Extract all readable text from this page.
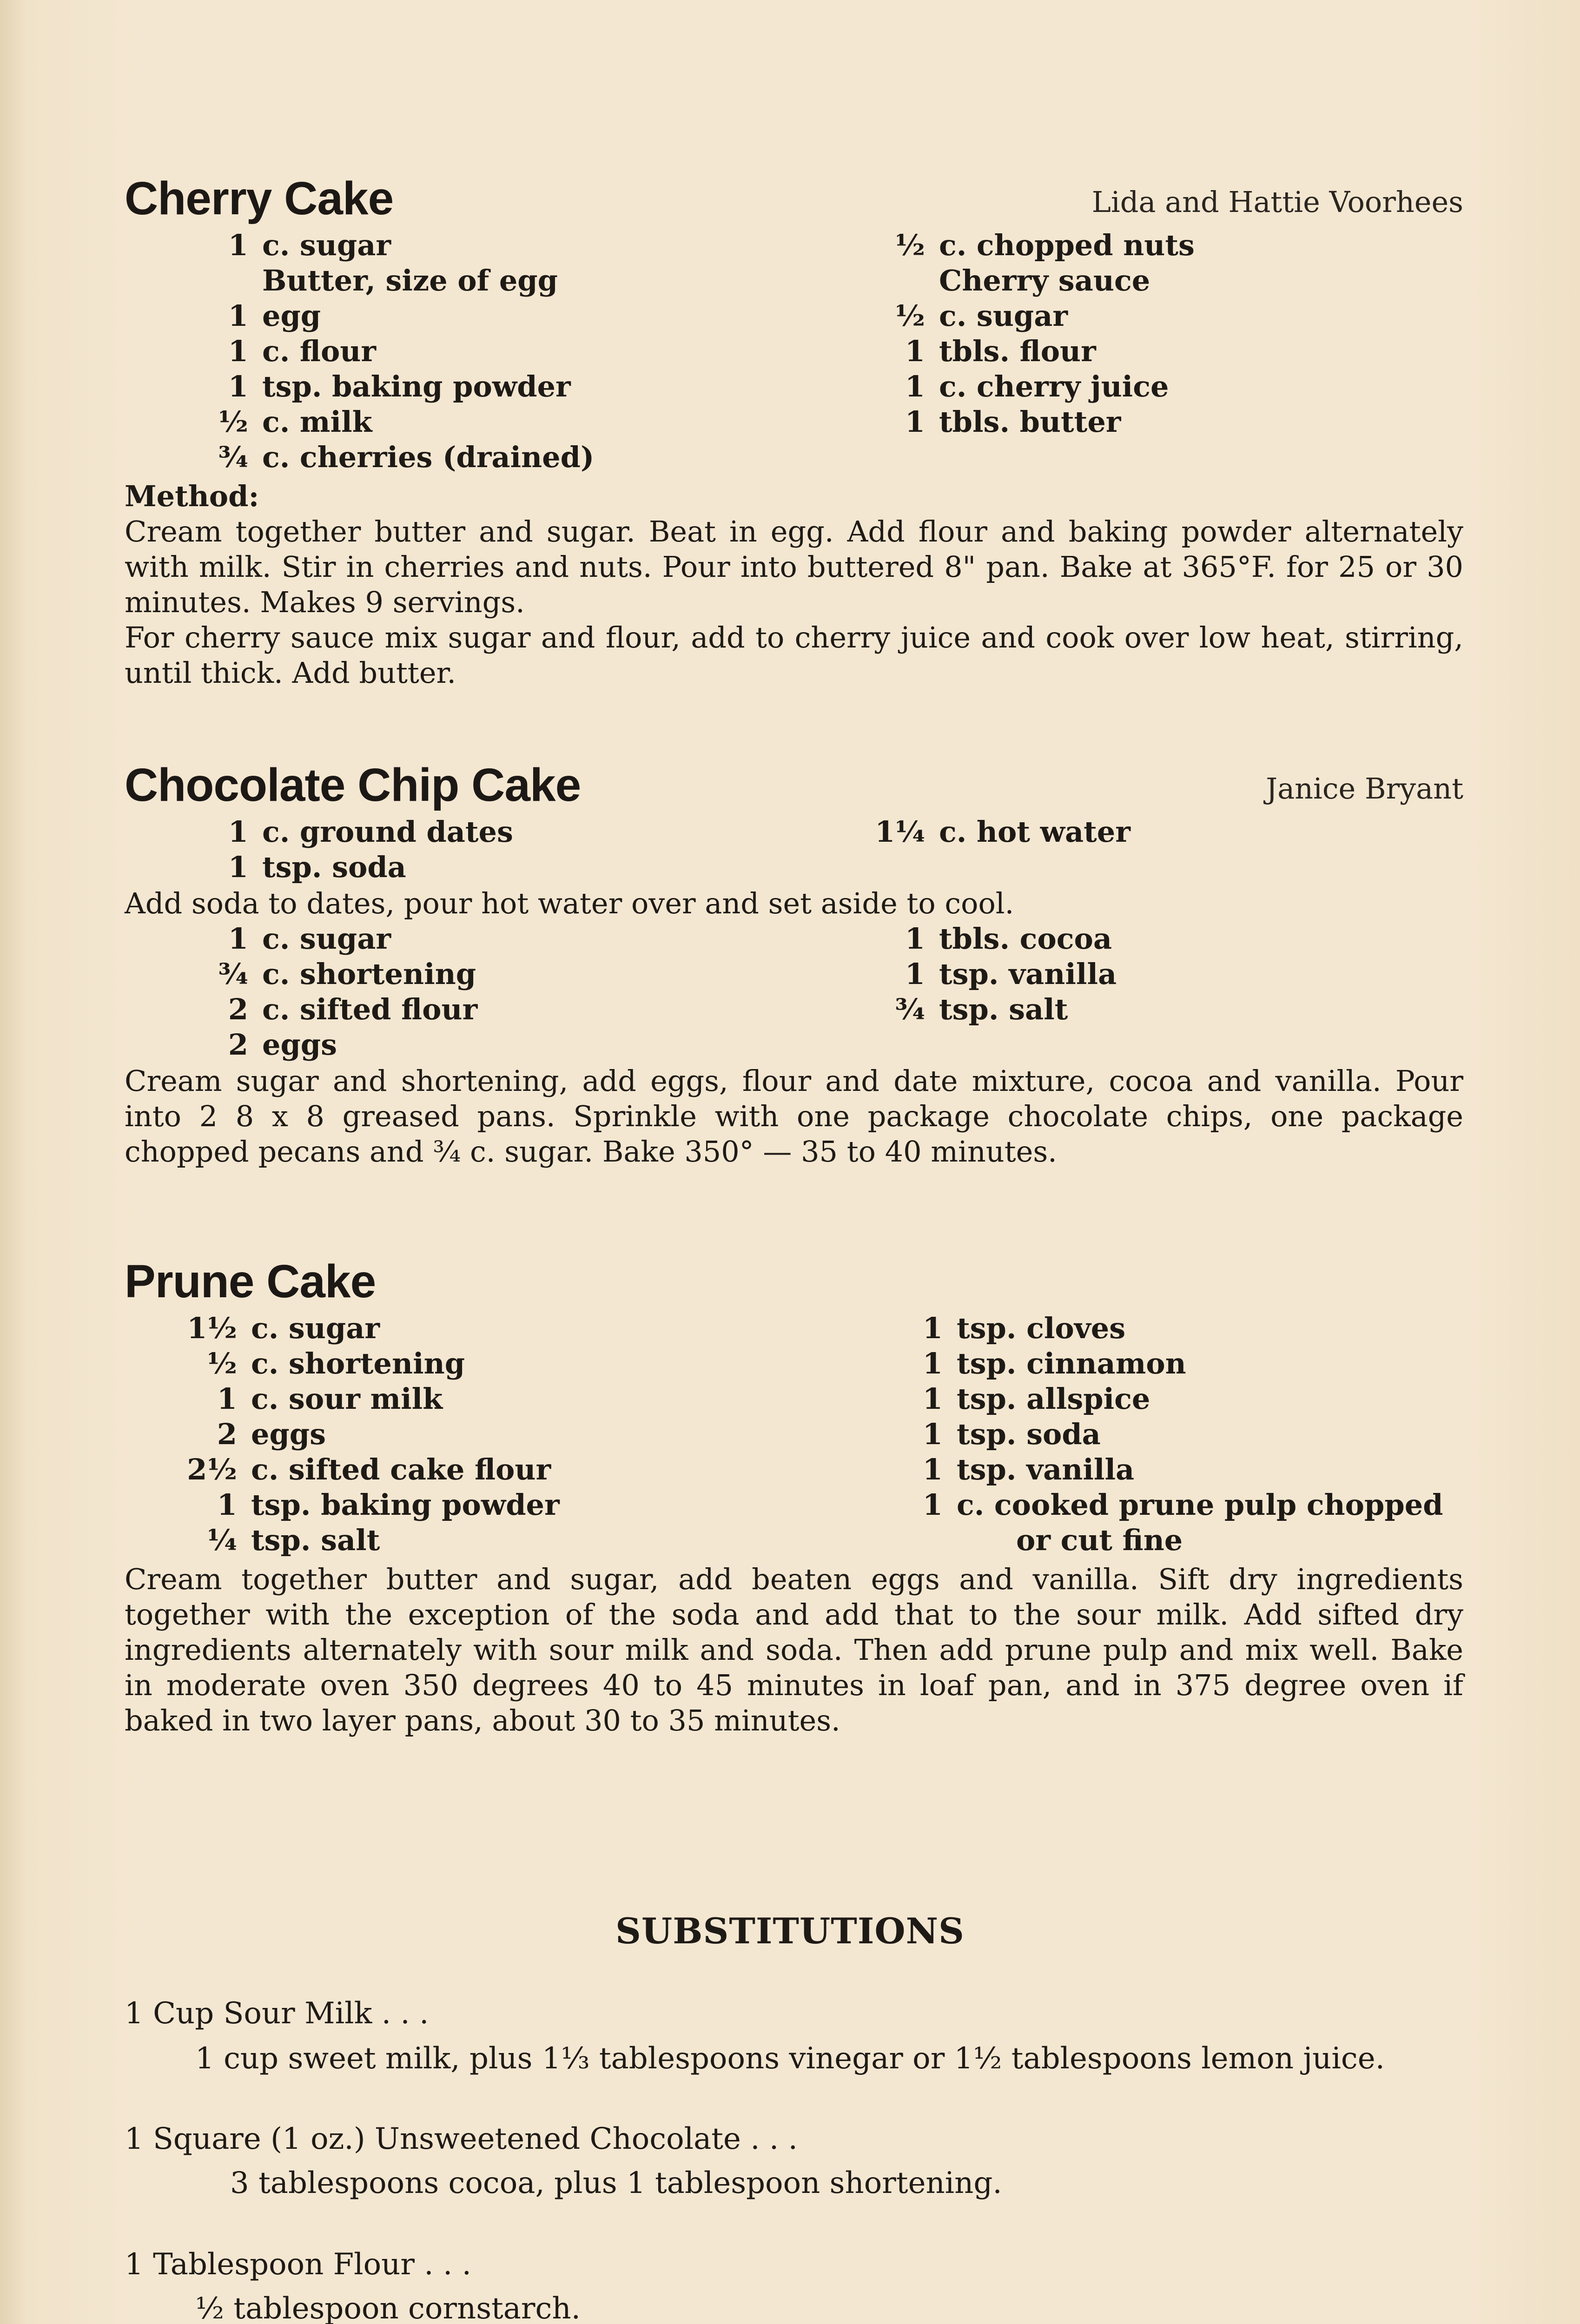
Cherry Cake	Lida and Hattie Voorhees
1 c. sugar
Butter, size of egg
1 egg
1 c. flour
1 tsp. baking powder
½ c. milk
¾ c. cherries (drained)
½ c. chopped nuts
Cherry sauce
½ c. sugar
1 tbls. flour
1 c. cherry juice
1 tbls. butter
Method:
Cream together butter and sugar. Beat in egg. Add flour and baking powder alternately with milk. Stir in cherries and nuts. Pour into buttered 8" pan. Bake at 365°F. for 25 or 30 minutes. Makes 9 servings.
For cherry sauce mix sugar and flour, add to cherry juice and cook over low heat, stirring, until thick. Add butter.
Chocolate Chip Cake	Janice Bryant
1 c. ground dates
1 tsp. soda
1¼ c. hot water
Add soda to dates, pour hot water over and set aside to cool.
1 c. sugar
¾ c. shortening
2 c. sifted flour
2 eggs
1 tbls. cocoa
1 tsp. vanilla
¾ tsp. salt
Cream sugar and shortening, add eggs, flour and date mixture, cocoa and vanilla. Pour into 2 8 x 8 greased pans. Sprinkle with one package chocolate chips, one package chopped pecans and ¾ c. sugar. Bake 350° — 35 to 40 minutes.
Prune Cake
1½ c. sugar
½ c. shortening
1 c. sour milk
2 eggs
2½ c. sifted cake flour
1 tsp. baking powder
¼ tsp. salt
1 tsp. cloves
1 tsp. cinnamon
1 tsp. allspice
1 tsp. soda
1 tsp. vanilla
1 c. cooked prune pulp chopped
or cut fine
Cream together butter and sugar, add beaten eggs and vanilla. Sift dry ingredients together with the exception of the soda and add that to the sour milk. Add sifted dry ingredients alternately with sour milk and soda. Then add prune pulp and mix well. Bake in moderate oven 350 degrees 40 to 45 minutes in loaf pan, and in 375 degree oven if baked in two layer pans, about 30 to 35 minutes.
SUBSTITUTIONS
1 Cup Sour Milk . . .
1 cup sweet milk, plus 1⅓ tablespoons vinegar or 1½ tablespoons lemon juice.
1 Square (1 oz.) Unsweetened Chocolate . . .
3 tablespoons cocoa, plus 1 tablespoon shortening.
1 Tablespoon Flour . . .
½ tablespoon cornstarch.
